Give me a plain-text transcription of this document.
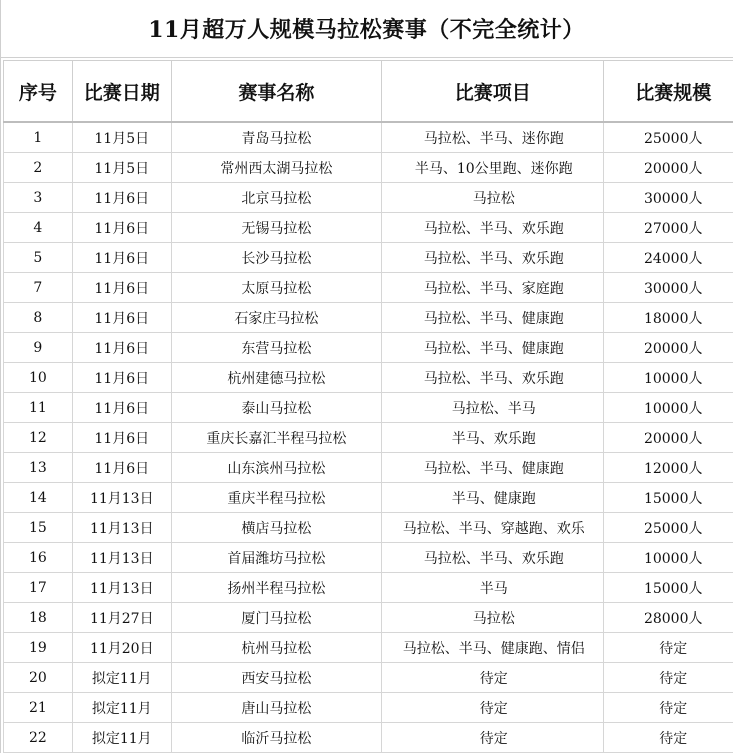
11月超万人规模马拉松赛事（不完全统计）
序号	比赛日期	赛事名称	比赛项目	比赛规模
1	11月5日	青岛马拉松	马拉松、半马、迷你跑	25000人
2	11月5日	常州西太湖马拉松	半马、10公里跑、迷你跑	20000人
3	11月6日	北京马拉松	马拉松	30000人
4	11月6日	无锡马拉松	马拉松、半马、欢乐跑	27000人
5	11月6日	长沙马拉松	马拉松、半马、欢乐跑	24000人
7	11月6日	太原马拉松	马拉松、半马、家庭跑	30000人
8	11月6日	石家庄马拉松	马拉松、半马、健康跑	18000人
9	11月6日	东营马拉松	马拉松、半马、健康跑	20000人
10	11月6日	杭州建德马拉松	马拉松、半马、欢乐跑	10000人
11	11月6日	泰山马拉松	马拉松、半马	10000人
12	11月6日	重庆长嘉汇半程马拉松	半马、欢乐跑	20000人
13	11月6日	山东滨州马拉松	马拉松、半马、健康跑	12000人
14	11月13日	重庆半程马拉松	半马、健康跑	15000人
15	11月13日	横店马拉松	马拉松、半马、穿越跑、欢乐	25000人
16	11月13日	首届潍坊马拉松	马拉松、半马、欢乐跑	10000人
17	11月13日	扬州半程马拉松	半马	15000人
18	11月27日	厦门马拉松	马拉松	28000人
19	11月20日	杭州马拉松	马拉松、半马、健康跑、情侣	待定
20	拟定11月	西安马拉松	待定	待定
21	拟定11月	唐山马拉松	待定	待定
22	拟定11月	临沂马拉松	待定	待定
